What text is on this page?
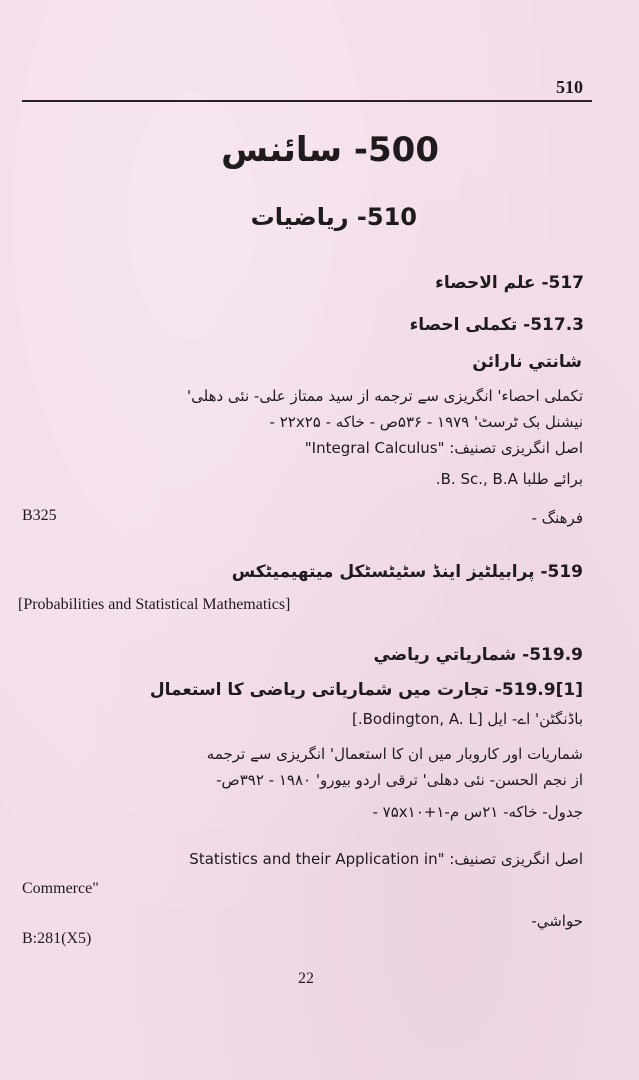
510
500- سائنس
510- رياضيات
517- علم الاحصاء
517.3- تکملی احصاء
شانتي نارائن
تکملی احصاء' انگریزی سے ترجمه از سید ممتاز علی- نئی دهلی'
نیشنل بک ٹرسٹ' ۱۹۷۹ - ۵۳۶ص - خاکه - ۲۲x۲۵ -
اصل انگریزی تصنیف: "Integral Calculus"
برائے طلبا B. Sc., B.A.
فرهنگ -
B325
519- پرابیلٹیز اینڈ سٹیٹسٹکل میتھیمیٹکس
[Probabilities and Statistical Mathematics]
519.9- شماریاتي ریاضي
[1]519.9- تجارت میں شماریاتی ریاضی کا استعمال
باڈنگٹن' اے- ایل [Bodington, A. L.]
شماریات اور کاروبار میں ان کا استعمال' انگریزی سے ترجمه
از نجم الحسن- نئی دهلی' ترقی اردو بیورو' ۱۹۸۰ - ۳۹۲ص-
جدول- خاکه- ۲۱س م-۷۵x۱۰+۱ -
اصل انگریزی تصنیف: "Statistics and their Application in
Commerce"
حواشي-
B:281(X5)
22
